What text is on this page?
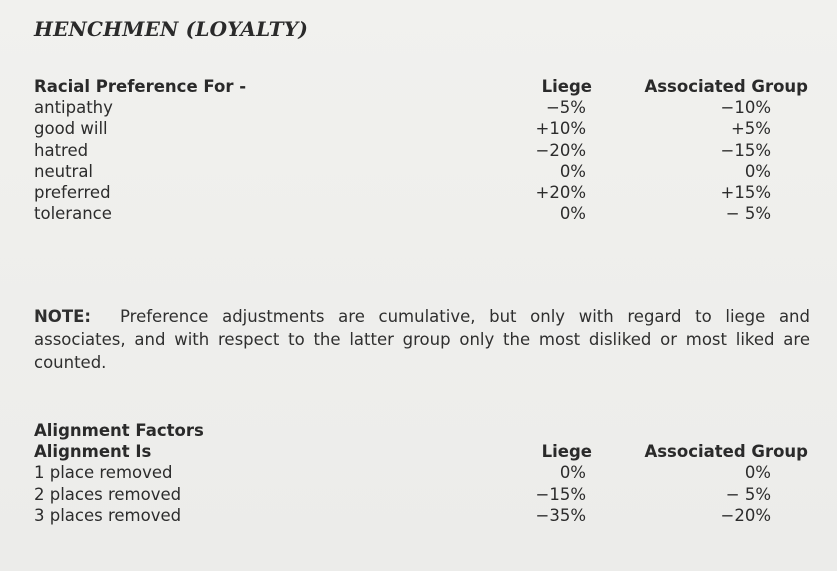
HENCHMEN (LOYALTY)
Racial Preference For -	Liege	Associated Group
antipathy	−5%	−10%
good will	+10%	+5%
hatred	−20%	−15%
neutral	0%	0%
preferred	+20%	+15%
tolerance	0%	− 5%
NOTE:	Preference adjustments are cumulative, but only with regard to liege and associates, and with respect to the latter group only the most disliked or most liked are counted.
Alignment Factors
Alignment Is	Liege	Associated Group
1 place removed	0%	0%
2 places removed	−15%	− 5%
3 places removed	−35%	−20%
